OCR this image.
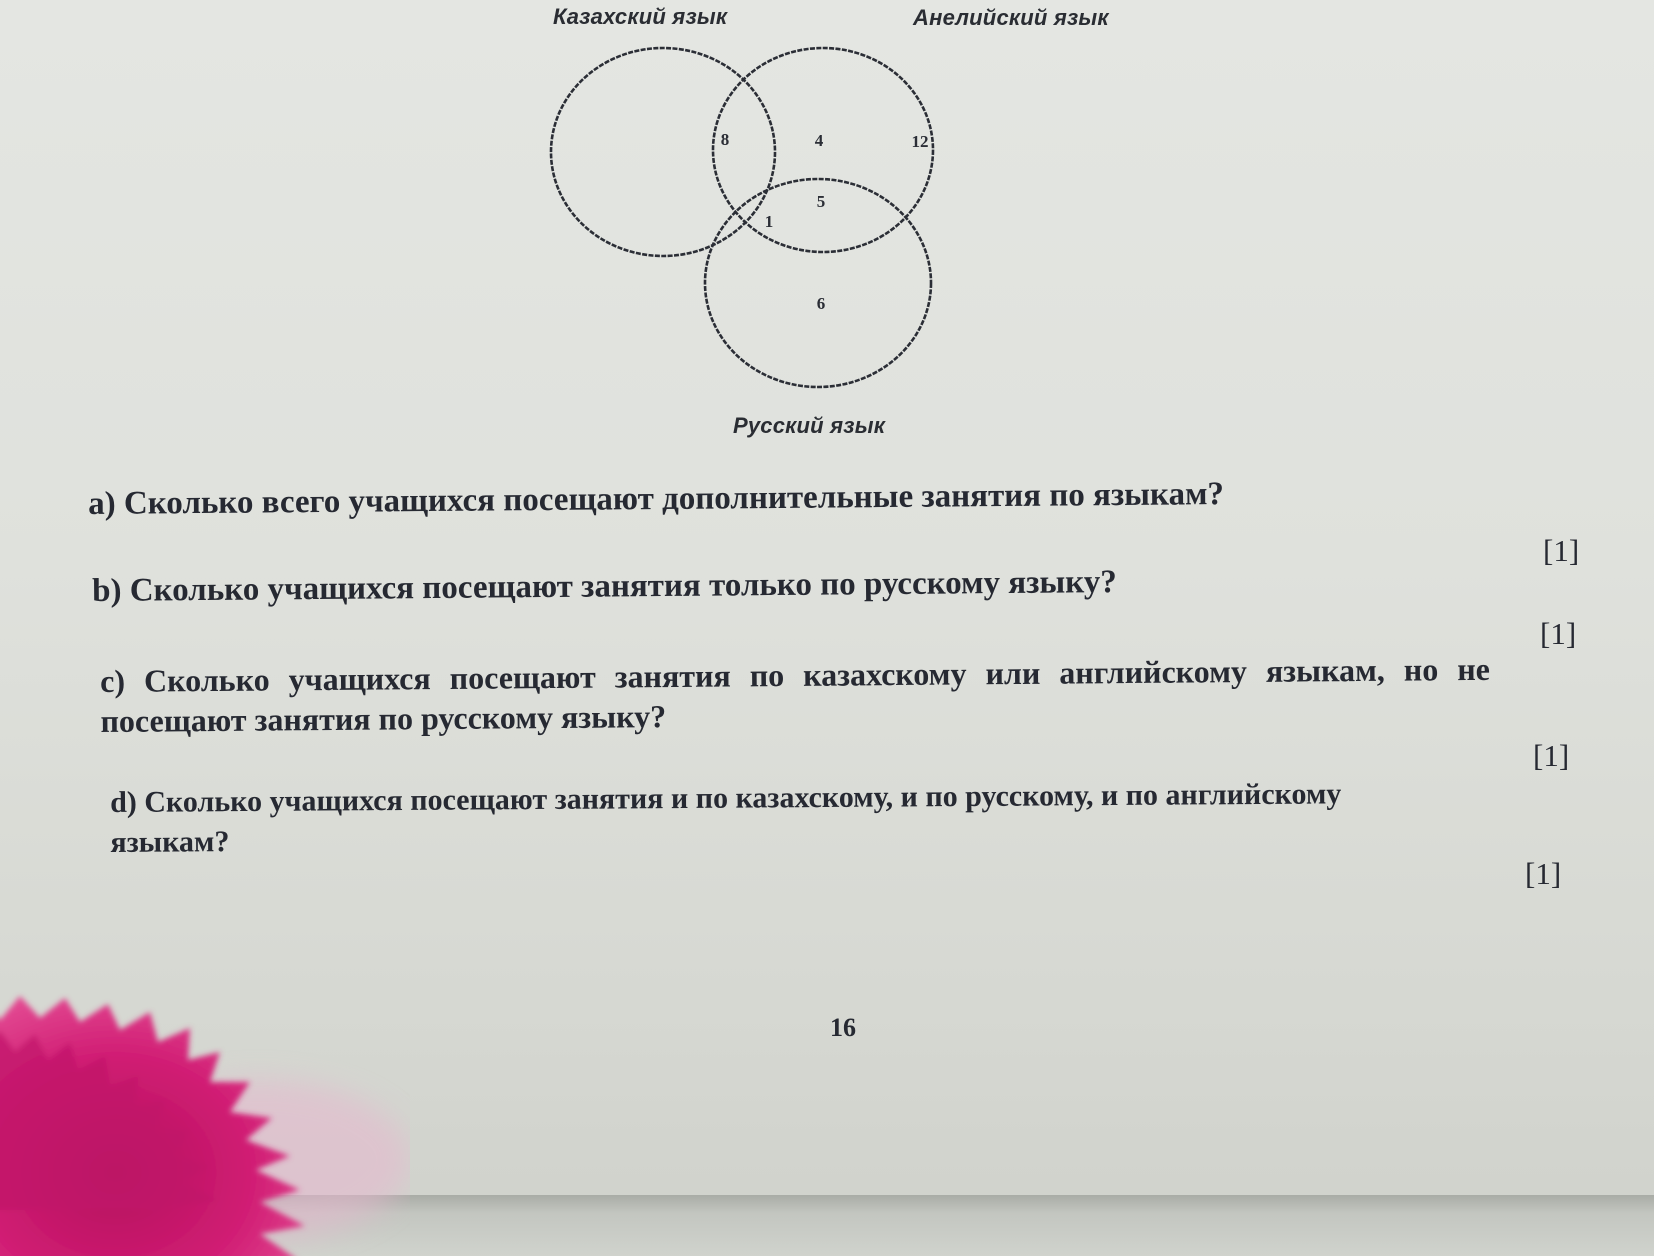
8	4	12
5
1
6
Казахский язык	Анелийский язык
Русский язык
а) Сколько всего учащихся посещают дополнительные занятия по языкам?
[1]
b) Сколько учащихся посещают занятия только по русскому языку?
[1]
с) Сколько учащихся посещают занятия по казахскому или английскому языкам, но не
посещают занятия по русскому языку?
[1]
d) Сколько учащихся посещают занятия и по казахскому, и по русскому, и по английскому
языкам?
[1]
16
